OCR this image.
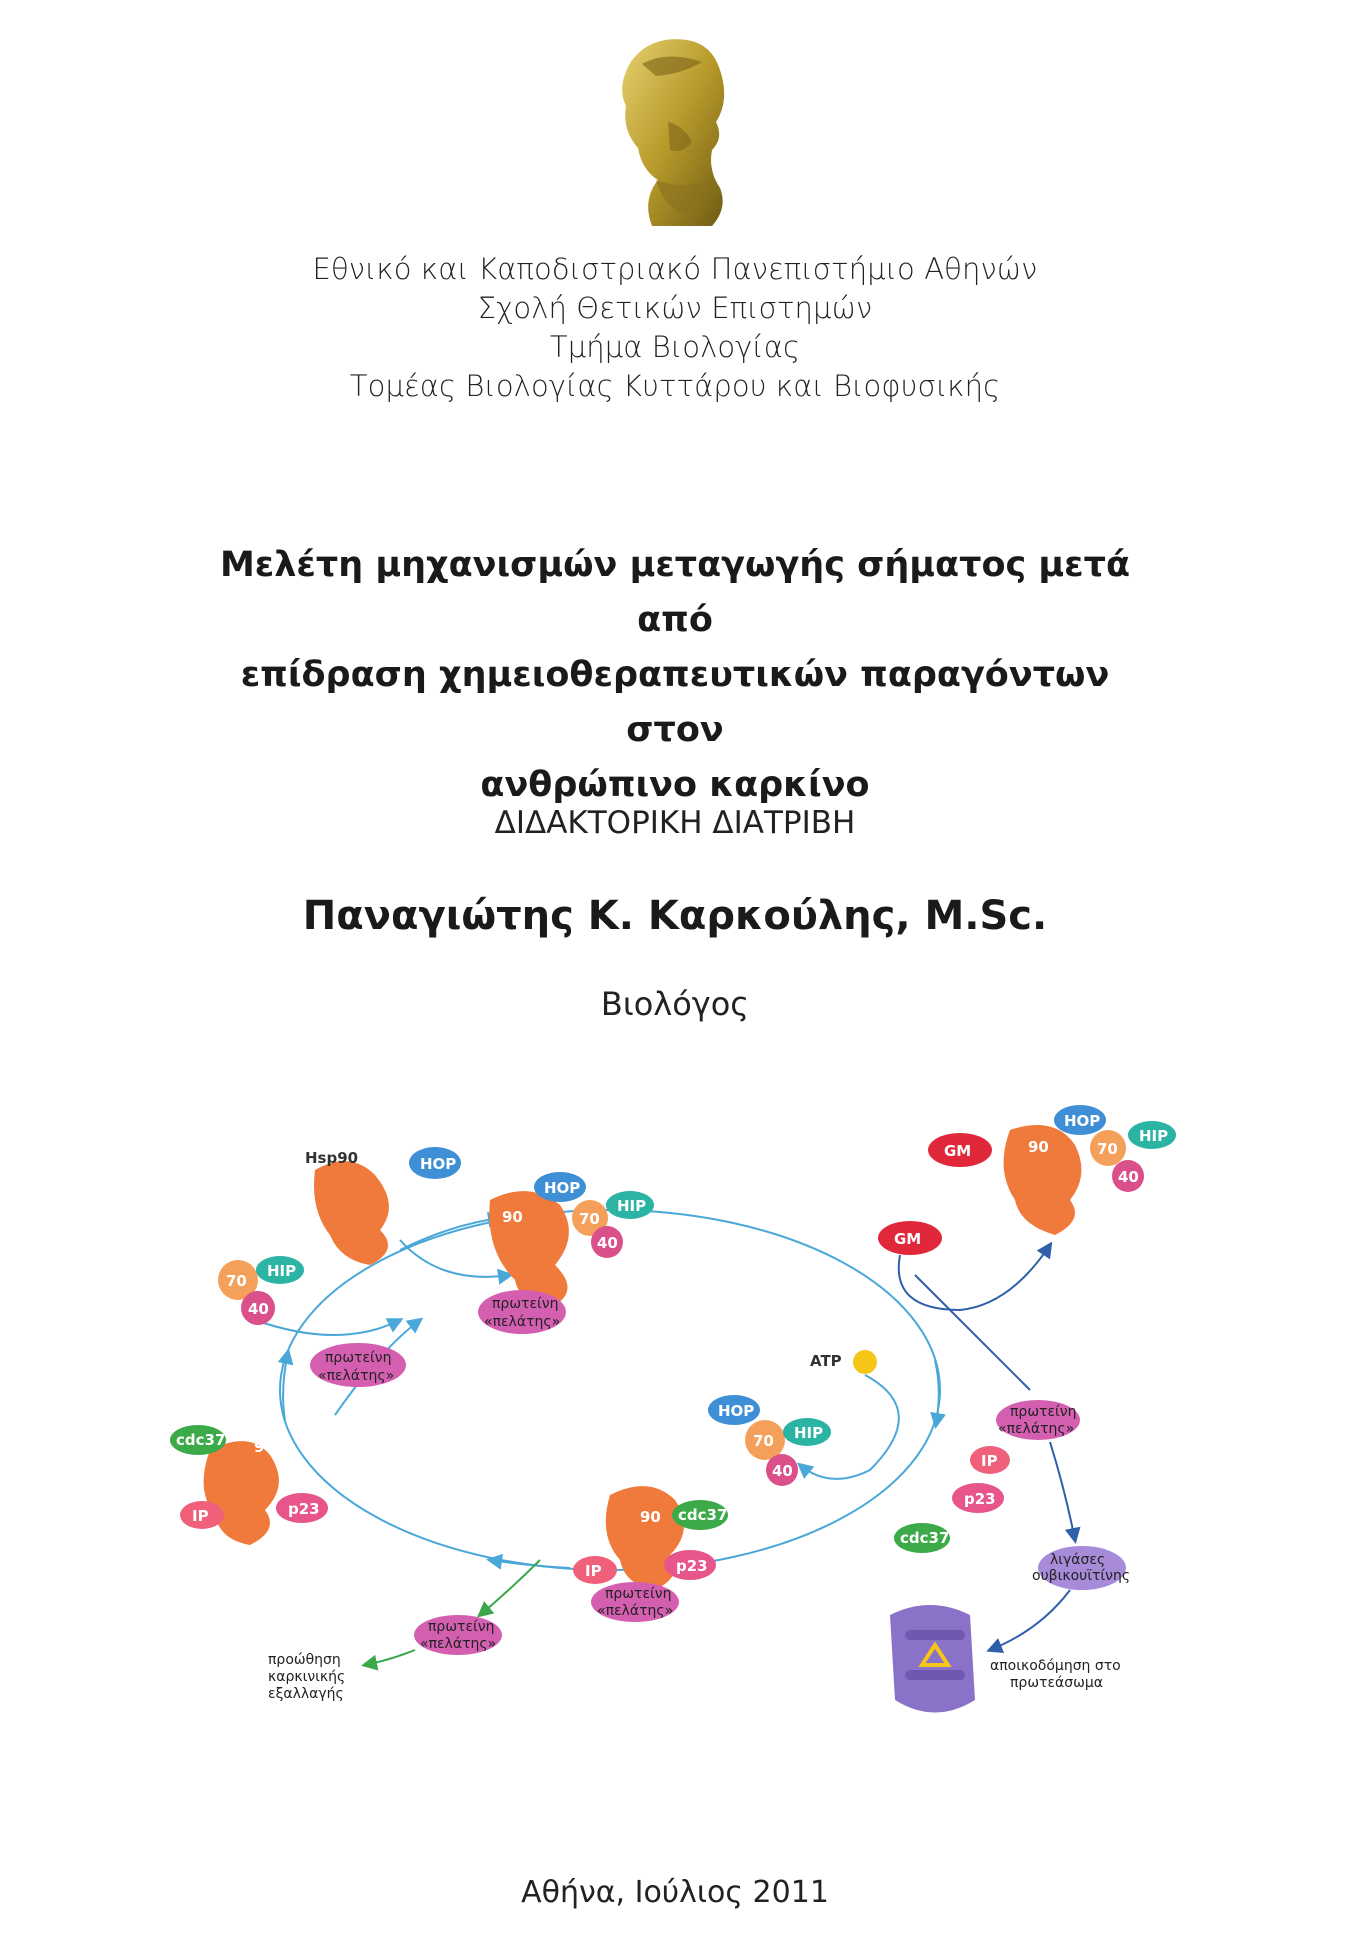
Εθνικό και Καποδιστριακό Πανεπιστήμιο Αθηνών
Σχολή Θετικών Επιστημών
Τμήμα Βιολογίας
Τομέας Βιολογίας Κυττάρου και Βιοφυσικής
Μελέτη μηχανισμών μεταγωγής σήματος μετά από
επίδραση χημειοθεραπευτικών παραγόντων στον
ανθρώπινο καρκίνο
ΔΙΔΑΚΤΟΡΙΚΗ ΔΙΑΤΡΙΒΗ
Παναγιώτης Κ. Καρκούλης, M.Sc.
Βιολόγος
Hsp90	HOP
70
HIP
40
πρωτείνη
«πελάτης»
90
HOP
70
HIP
40
πρωτείνη
«πελάτης»
90
GM
HOP
70
HIP
40
GM
ATP
HOP
70 HIP
40
cdc37 90
IP	p23	90 cdc37
IP	p23
πρωτείνη
«πελάτης»
πρωτείνη
«πελάτης»
προώθηση
καρκινικής
εξαλλαγής
πρωτείνη
«πελάτης»
IP
p23
cdc37
λιγάσες
ουβικουϊτίνης
αποικοδόμηση στο
πρωτεάσωμα
Αθήνα, Ιούλιος 2011
